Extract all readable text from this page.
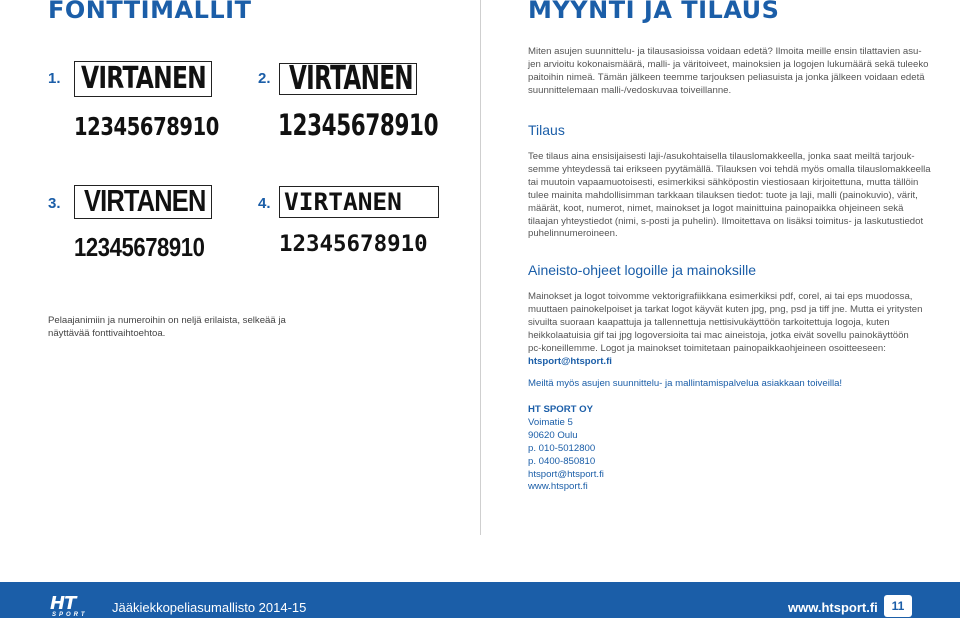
FONTTIMALLIT
1. VIRTANEN
12345678910
2. VIRTANEN
12345678910
3. VIRTANEN
12345678910
4. VIRTANEN
12345678910
Pelaajanimiin ja numeroihin on neljä erilaista, selkeää ja
näyttävää fonttivaihtoehtoa.
MYYNTI JA TILAUS
Miten asujen suunnittelu- ja tilausasioissa voidaan edetä? Ilmoita meille ensin tilattavien asu-
jen arvioitu kokonaismäärä, malli- ja väritoiveet, mainoksien ja logojen lukumäärä sekä tuleeko
paitoihin nimeä. Tämän jälkeen teemme tarjouksen peliasuista ja jonka jälkeen voidaan edetä
suunnittelemaan malli-/vedoskuvaa toiveillanne.
Tilaus
Tee tilaus aina ensisijaisesti laji-/asukohtaisella tilauslomakkeella, jonka saat meiltä tarjouk-
semme yhteydessä tai erikseen pyytämällä. Tilauksen voi tehdä myös omalla tilauslomakkeella
tai muutoin vapaamuotoisesti, esimerkiksi sähköpostin viestiosaan kirjoitettuna, mutta tällöin
tulee mainita mahdollisimman tarkkaan tilauksen tiedot: tuote ja laji, malli (painokuvio), värit,
määrät, koot, numerot, nimet, mainokset ja logot mainittuina painopaikka ohjeineen sekä
tilaajan yhteystiedot (nimi, s-posti ja puhelin). Ilmoitettava on lisäksi toimitus- ja laskutustiedot
puhelinnumeroineen.
Aineisto-ohjeet logoille ja mainoksille
Mainokset ja logot toivomme vektorigrafiikkana esimerkiksi pdf, corel, ai tai eps muodossa,
muuttaen painokelpoiset ja tarkat logot käyvät kuten jpg, png, psd ja tiff jne. Mutta ei yritysten
sivuilta suoraan kaapattuja ja tallennettuja nettisivukäyttöön tarkoitettuja logoja, kuten
heikkolaatuisia gif tai jpg logoversioita tai mac aineistoja, jotka eivät sovellu painokäyttöön
pc-koneillemme. Logot ja mainokset toimitetaan painopaikkaohjeineen osoitteeseen:
htsport@htsport.fi
Meiltä myös asujen suunnittelu- ja mallintamispalvelua asiakkaan toiveilla!
HT SPORT OY
Voimatie 5
90620 Oulu
p. 010-5012800
p. 0400-850810
htsport@htsport.fi
www.htsport.fi
HT
SPORT Jääkiekkopeliasumallisto 2014-15	www.htsport.fi	11
